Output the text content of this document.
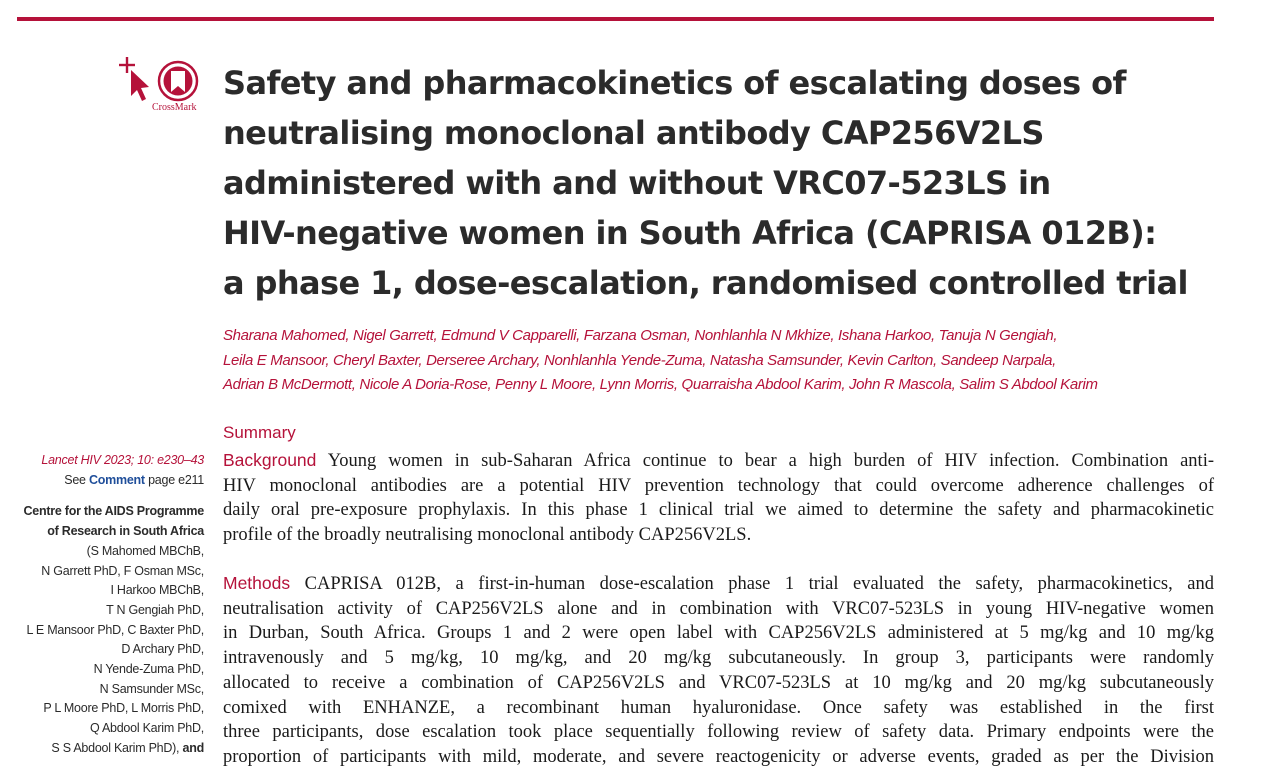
CrossMark
Safety and pharmacokinetics of escalating doses of
neutralising monoclonal antibody CAP256V2LS
administered with and without VRC07-523LS in
HIV-negative women in South Africa (CAPRISA 012B):
a phase 1, dose-escalation, randomised controlled trial
Sharana Mahomed, Nigel Garrett, Edmund V Capparelli, Farzana Osman, Nonhlanhla N Mkhize, Ishana Harkoo, Tanuja N Gengiah,
Leila E Mansoor, Cheryl Baxter, Derseree Archary, Nonhlanhla Yende-Zuma, Natasha Samsunder, Kevin Carlton, Sandeep Narpala,
Adrian B McDermott, Nicole A Doria-Rose, Penny L Moore, Lynn Morris, Quarraisha Abdool Karim, John R Mascola, Salim S Abdool Karim
Lancet HIV 2023; 10: e230–43
See Comment page e211
Centre for the AIDS Programme
of Research in South Africa
(S Mahomed MBChB,
N Garrett PhD, F Osman MSc,
I Harkoo MBChB,
T N Gengiah PhD,
L E Mansoor PhD, C Baxter PhD,
D Archary PhD,
N Yende-Zuma PhD,
N Samsunder MSc,
P L Moore PhD, L Morris PhD,
Q Abdool Karim PhD,
S S Abdool Karim PhD), and
Summary
Background Young women in sub-Saharan Africa continue to bear a high burden of HIV infection. Combination anti-
HIV monoclonal antibodies are a potential HIV prevention technology that could overcome adherence challenges of
daily oral pre-exposure prophylaxis. In this phase 1 clinical trial we aimed to determine the safety and pharmacokinetic
profile of the broadly neutralising monoclonal antibody CAP256V2LS.
Methods CAPRISA 012B, a first-in-human dose-escalation phase 1 trial evaluated the safety, pharmacokinetics, and
neutralisation activity of CAP256V2LS alone and in combination with VRC07-523LS in young HIV-negative women
in Durban, South Africa. Groups 1 and 2 were open label with CAP256V2LS administered at 5 mg/kg and 10 mg/kg
intravenously and 5 mg/kg, 10 mg/kg, and 20 mg/kg subcutaneously. In group 3, participants were randomly
allocated to receive a combination of CAP256V2LS and VRC07-523LS at 10 mg/kg and 20 mg/kg subcutaneously
comixed with ENHANZE, a recombinant human hyaluronidase. Once safety was established in the first
three participants, dose escalation took place sequentially following review of safety data. Primary endpoints were the
proportion of participants with mild, moderate, and severe reactogenicity or adverse events, graded as per the Division
